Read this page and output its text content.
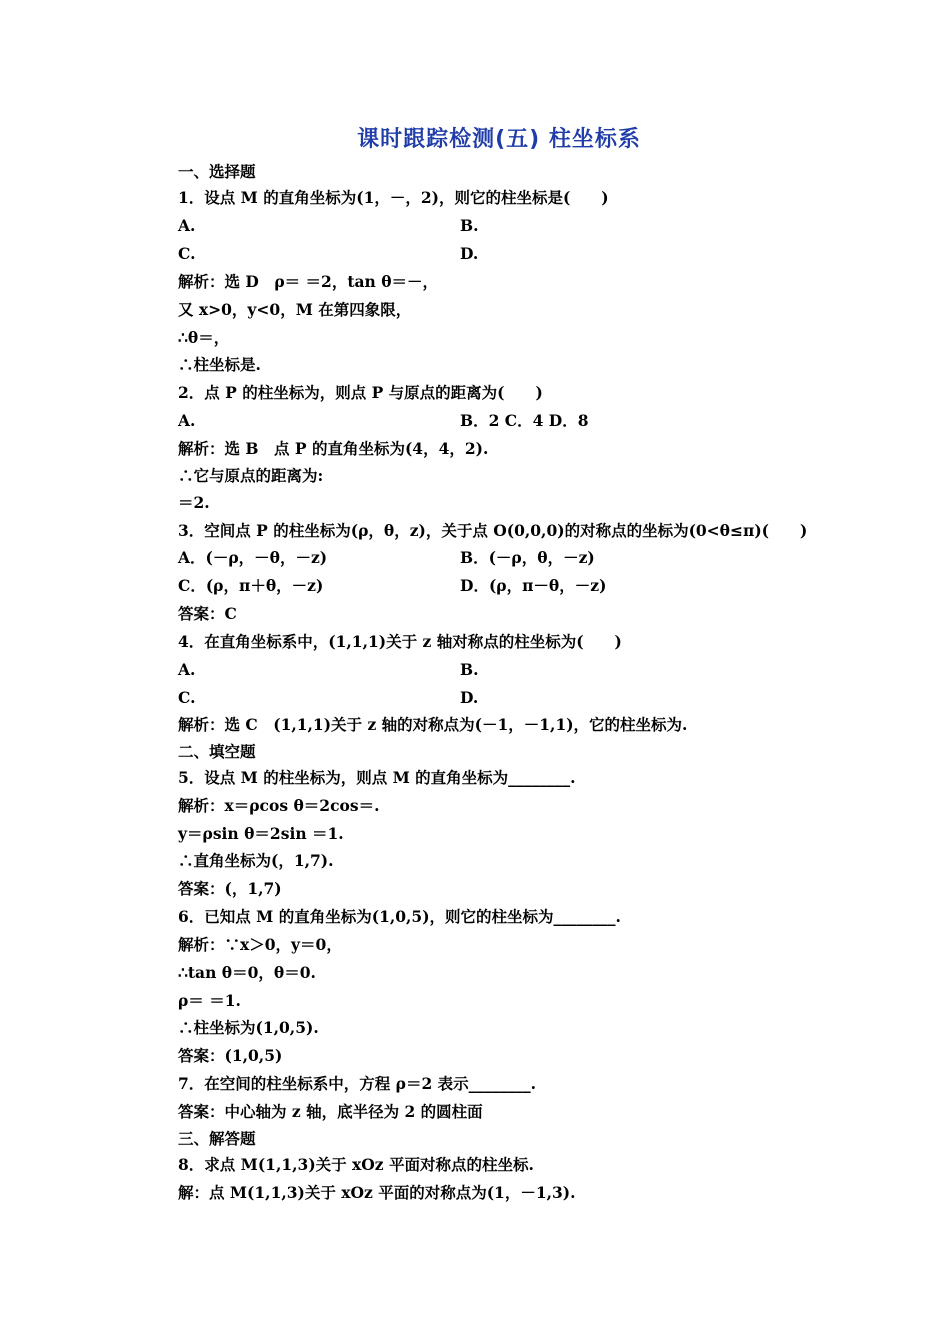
课时跟踪检测(五) 柱坐标系
一、选择题
1．设点 M 的直角坐标为(1，－，2)，则它的柱坐标是(　　)
A.	B.
C.	D.
解析：选 D　ρ＝ ＝2，tan θ＝－，
又 x>0，y<0，M 在第四象限，
∴θ＝，
∴柱坐标是.
2．点 P 的柱坐标为，则点 P 与原点的距离为(　　)
A.	B．2 C．4 D．8
解析：选 B　点 P 的直角坐标为(4，4，2).
∴它与原点的距离为:
＝2.
3．空间点 P 的柱坐标为(ρ，θ，z)，关于点 O(0,0,0)的对称点的坐标为(0<θ≤π)(　　)
A．(－ρ，－θ，－z)	B．(－ρ，θ，－z)
C．(ρ，π＋θ，－z)	D．(ρ，π－θ，－z)
答案：C
4．在直角坐标系中，(1,1,1)关于 z 轴对称点的柱坐标为(　　)
A.	B.
C.	D.
解析：选 C　(1,1,1)关于 z 轴的对称点为(－1，－1,1)，它的柱坐标为.
二、填空题
5．设点 M 的柱坐标为，则点 M 的直角坐标为________.
解析：x＝ρcos θ＝2cos＝.
y＝ρsin θ＝2sin ＝1.
∴直角坐标为(，1,7).
答案：(，1,7)
6．已知点 M 的直角坐标为(1,0,5)，则它的柱坐标为________.
解析：∵x＞0，y＝0，
∴tan θ＝0，θ＝0.
ρ＝ ＝1.
∴柱坐标为(1,0,5).
答案：(1,0,5)
7．在空间的柱坐标系中，方程 ρ＝2 表示________.
答案：中心轴为 z 轴，底半径为 2 的圆柱面
三、解答题
8．求点 M(1,1,3)关于 xOz 平面对称点的柱坐标.
解：点 M(1,1,3)关于 xOz 平面的对称点为(1，－1,3).
